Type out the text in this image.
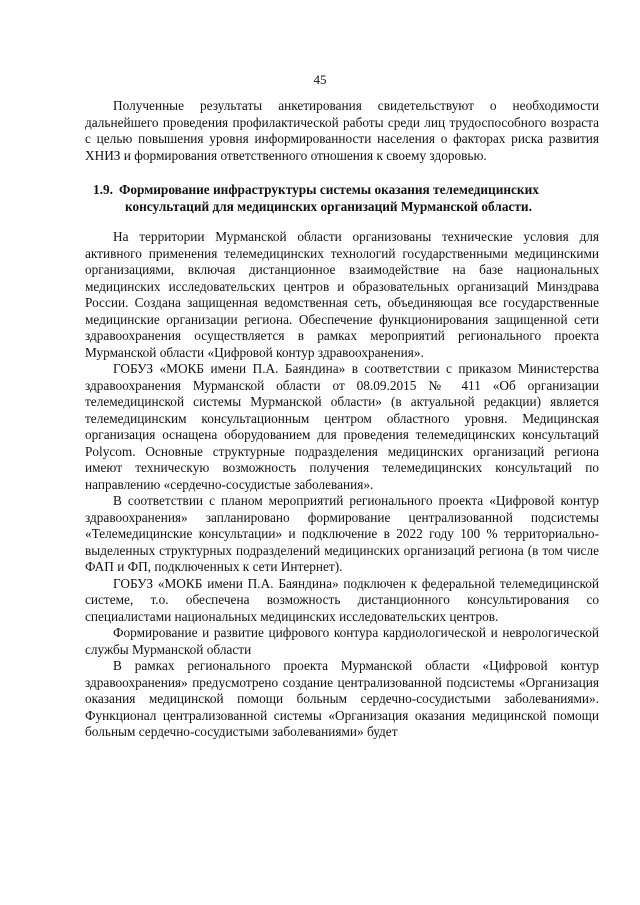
45

Полученные результаты анкетирования свидетельствуют о необходимости дальнейшего проведения профилактической работы среди лиц трудоспособного возраста с целью повышения уровня информированности населения о факторах риска развития ХНИЗ и формирования ответственного отношения к своему здоровью.

1.9. Формирование инфраструктуры системы оказания телемедицинских
консультаций для медицинских организаций Мурманской области.

На территории Мурманской области организованы технические условия для активного применения телемедицинских технологий государственными медицинскими организациями, включая дистанционное взаимодействие на базе национальных медицинских исследовательских центров и образовательных организаций Минздрава России. Создана защищенная ведомственная сеть, объединяющая все государственные медицинские организации региона. Обеспечение функционирования защищенной сети здравоохранения осуществляется в рамках мероприятий регионального проекта Мурманской области «Цифровой контур здравоохранения».

ГОБУЗ «МОКБ имени П.А. Баяндина» в соответствии с приказом Министерства здравоохранения Мурманской области от 08.09.2015 № 411 «Об организации телемедицинской системы Мурманской области» (в актуальной редакции) является телемедицинским консультационным центром областного уровня. Медицинская организация оснащена оборудованием для проведения телемедицинских консультаций Polycom. Основные структурные подразделения медицинских организаций региона имеют техническую возможность получения телемедицинских консультаций по направлению «сердечно-сосудистые заболевания».

В соответствии с планом мероприятий регионального проекта «Цифровой контур здравоохранения» запланировано формирование централизованной подсистемы «Телемедицинские консультации» и подключение в 2022 году 100 % территориально-выделенных структурных подразделений медицинских организаций региона (в том числе ФАП и ФП, подключенных к сети Интернет).

ГОБУЗ «МОКБ имени П.А. Баяндина» подключен к федеральной телемедицинской системе, т.о. обеспечена возможность дистанционного консультирования со специалистами национальных медицинских исследовательских центров.

Формирование и развитие цифрового контура кардиологической и неврологической службы Мурманской области

В рамках регионального проекта Мурманской области «Цифровой контур здравоохранения» предусмотрено создание централизованной подсистемы «Организация оказания медицинской помощи больным сердечно-сосудистыми заболеваниями». Функционал централизованной системы «Организация оказания медицинской помощи больным сердечно-сосудистыми заболеваниями» будет
